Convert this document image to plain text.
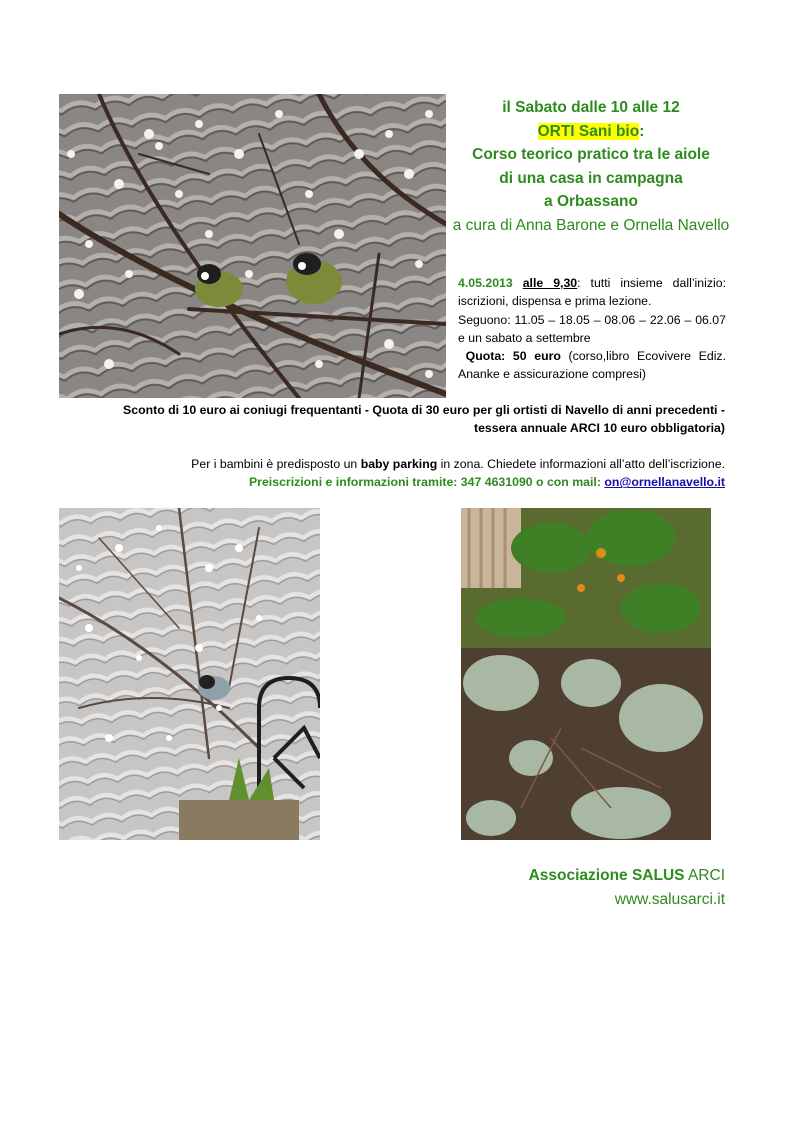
il Sabato dalle 10 alle 12
ORTI Sani bio:
Corso teorico pratico tra le aiole
di una casa in campagna
a Orbassano
a cura di Anna Barone e Ornella Navello
4.05.2013 alle 9,30: tutti insieme dall’inizio: iscrizioni, dispensa e prima lezione.
Seguono: 11.05 – 18.05 – 08.06 – 22.06 – 06.07 e un sabato a settembre
Quota: 50 euro (corso,libro Ecovivere Ediz. Ananke e assicurazione compresi)
Sconto di 10 euro ai coniugi frequentanti - Quota di 30 euro per gli ortisti di Navello di anni precedenti -
tessera annuale ARCI 10 euro obbligatoria)
Per i bambini è predisposto un baby parking in zona. Chiedete informazioni all’atto dell’iscrizione.
Preiscrizioni e informazioni tramite: 347 4631090 o con mail: on@ornellanavello.it
Associazione SALUS ARCI
www.salusarci.it
